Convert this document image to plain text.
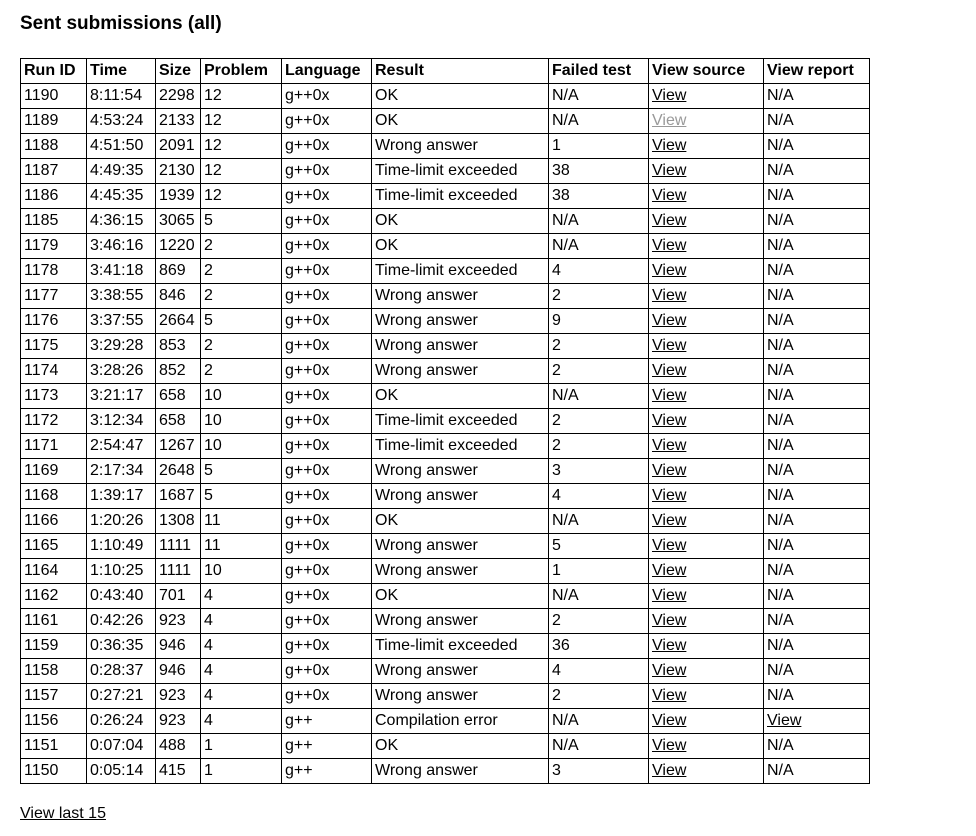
Sent submissions (all)
Run ID	Time	Size	Problem	Language	Result	Failed test	View source	View report
1190	8:11:54	2298	12	g++0x	OK	N/A	View	N/A
1189	4:53:24	2133	12	g++0x	OK	N/A	View	N/A
1188	4:51:50	2091	12	g++0x	Wrong answer	1	View	N/A
1187	4:49:35	2130	12	g++0x	Time-limit exceeded	38	View	N/A
1186	4:45:35	1939	12	g++0x	Time-limit exceeded	38	View	N/A
1185	4:36:15	3065	5	g++0x	OK	N/A	View	N/A
1179	3:46:16	1220	2	g++0x	OK	N/A	View	N/A
1178	3:41:18	869	2	g++0x	Time-limit exceeded	4	View	N/A
1177	3:38:55	846	2	g++0x	Wrong answer	2	View	N/A
1176	3:37:55	2664	5	g++0x	Wrong answer	9	View	N/A
1175	3:29:28	853	2	g++0x	Wrong answer	2	View	N/A
1174	3:28:26	852	2	g++0x	Wrong answer	2	View	N/A
1173	3:21:17	658	10	g++0x	OK	N/A	View	N/A
1172	3:12:34	658	10	g++0x	Time-limit exceeded	2	View	N/A
1171	2:54:47	1267	10	g++0x	Time-limit exceeded	2	View	N/A
1169	2:17:34	2648	5	g++0x	Wrong answer	3	View	N/A
1168	1:39:17	1687	5	g++0x	Wrong answer	4	View	N/A
1166	1:20:26	1308	11	g++0x	OK	N/A	View	N/A
1165	1:10:49	1111	11	g++0x	Wrong answer	5	View	N/A
1164	1:10:25	1111	10	g++0x	Wrong answer	1	View	N/A
1162	0:43:40	701	4	g++0x	OK	N/A	View	N/A
1161	0:42:26	923	4	g++0x	Wrong answer	2	View	N/A
1159	0:36:35	946	4	g++0x	Time-limit exceeded	36	View	N/A
1158	0:28:37	946	4	g++0x	Wrong answer	4	View	N/A
1157	0:27:21	923	4	g++0x	Wrong answer	2	View	N/A
1156	0:26:24	923	4	g++	Compilation error	N/A	View	View
1151	0:07:04	488	1	g++	OK	N/A	View	N/A
1150	0:05:14	415	1	g++	Wrong answer	3	View	N/A
View last 15
